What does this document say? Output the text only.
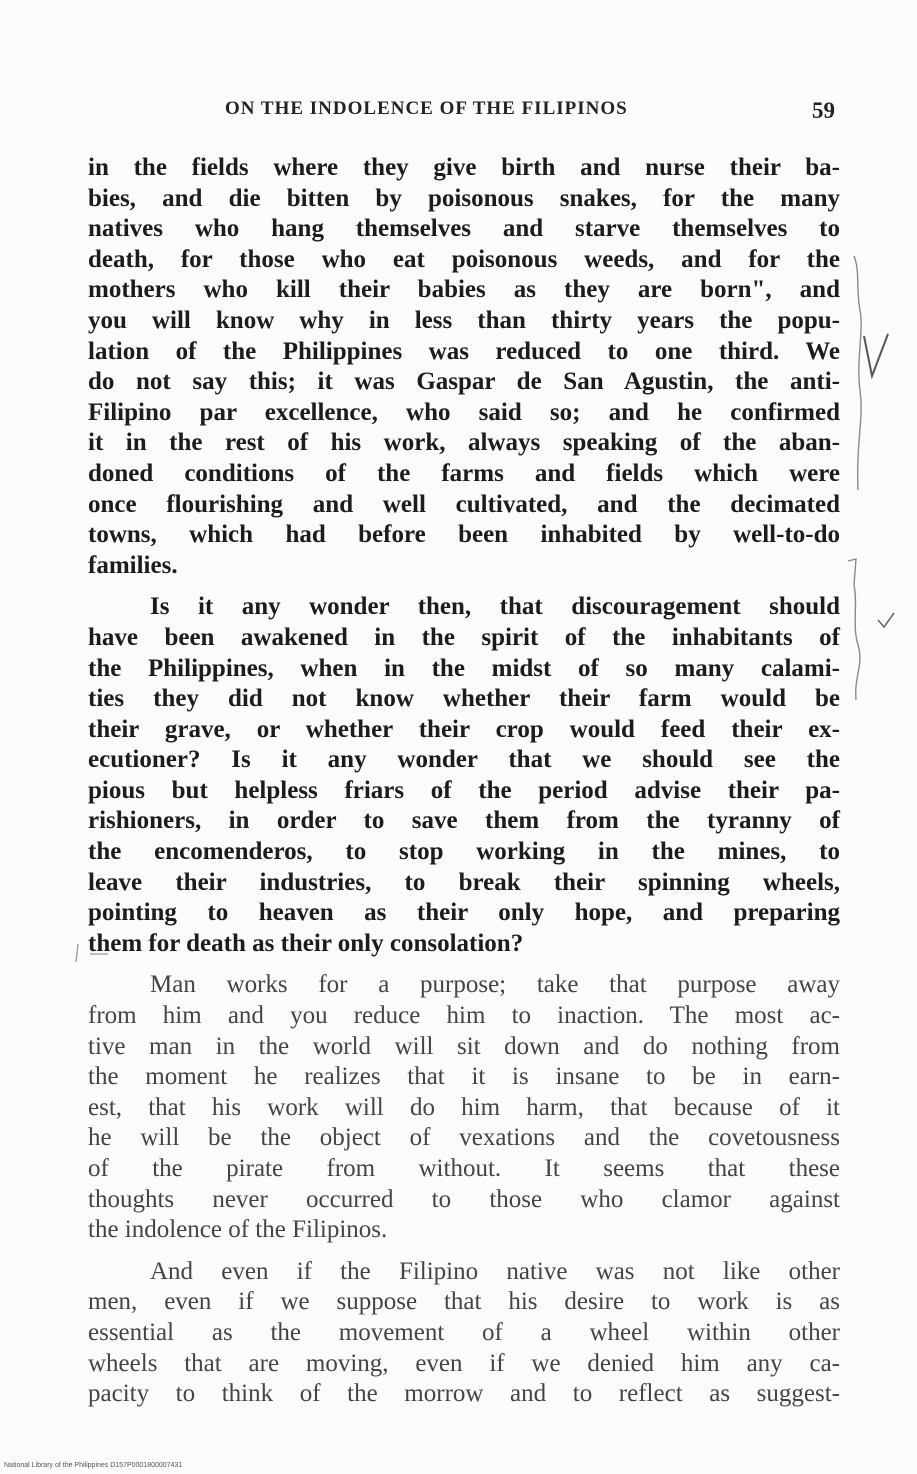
ON THE INDOLENCE OF THE FILIPINOS	59
in the fields where they give birth and nurse their ba-
bies, and die bitten by poisonous snakes, for the many
natives who hang themselves and starve themselves to
death, for those who eat poisonous weeds, and for the
mothers who kill their babies as they are born", and
you will know why in less than thirty years the popu-
lation of the Philippines was reduced to one third. We
do not say this; it was Gaspar de San Agustin, the anti-
Filipino par excellence, who said so; and he confirmed
it in the rest of his work, always speaking of the aban-
doned conditions of the farms and fields which were
once flourishing and well cultivated, and the decimated
towns, which had before been inhabited by well-to-do
families.
Is it any wonder then, that discouragement should
have been awakened in the spirit of the inhabitants of
the Philippines, when in the midst of so many calami-
ties they did not know whether their farm would be
their grave, or whether their crop would feed their ex-
ecutioner? Is it any wonder that we should see the
pious but helpless friars of the period advise their pa-
rishioners, in order to save them from the tyranny of
the encomenderos, to stop working in the mines, to
leave their industries, to break their spinning wheels,
pointing to heaven as their only hope, and preparing
them for death as their only consolation?
Man works for a purpose; take that purpose away
from him and you reduce him to inaction. The most ac-
tive man in the world will sit down and do nothing from
the moment he realizes that it is insane to be in earn-
est, that his work will do him harm, that because of it
he will be the object of vexations and the covetousness
of the pirate from without. It seems that these
thoughts never occurred to those who clamor against
the indolence of the Filipinos.
And even if the Filipino native was not like other
men, even if we suppose that his desire to work is as
essential as the movement of a wheel within other
wheels that are moving, even if we denied him any ca-
pacity to think of the morrow and to reflect as suggest-
National Library of the Philippines D157P0001800007431
